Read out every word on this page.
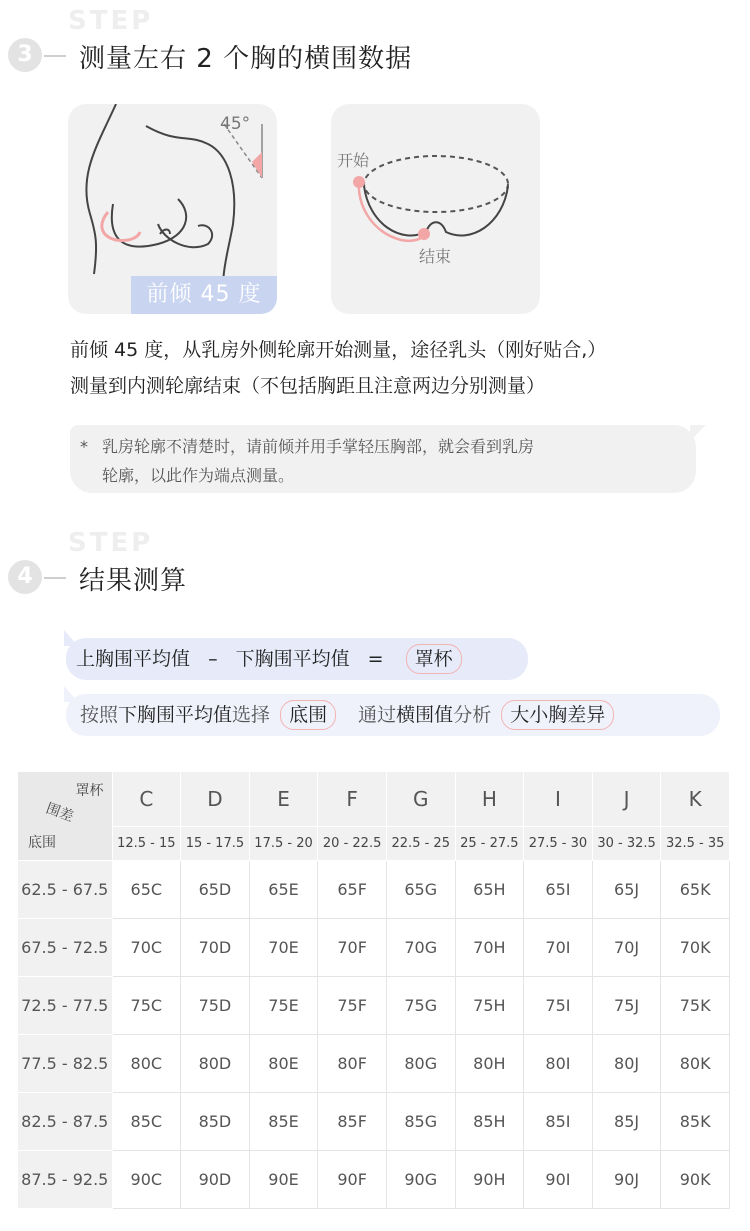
STEP
3	测量左右 2 个胸的横围数据
45°
前倾 45 度
开始
结束
前倾 45 度，从乳房外侧轮廓开始测量，途径乳头（刚好贴合,）
测量到内测轮廓结束（不包括胸距且注意两边分别测量）
* 乳房轮廓不清楚时，请前倾并用手掌轻压胸部，就会看到乳房
轮廓，以此作为端点测量。
STEP
4	结果测算
上胸围平均值 – 下胸围平均值 = 罩杯
按照下胸围平均值选择 底围 通过横围值分析 大小胸差异
罩杯
围差
底围	C	D	E	F	G	H	I	J	K
	12.5 - 15	15 - 17.5	17.5 - 20	20 - 22.5	22.5 - 25	25 - 27.5	27.5 - 30	30 - 32.5	32.5 - 35
62.5 - 67.5	65C	65D	65E	65F	65G	65H	65I	65J	65K
67.5 - 72.5	70C	70D	70E	70F	70G	70H	70I	70J	70K
72.5 - 77.5	75C	75D	75E	75F	75G	75H	75I	75J	75K
77.5 - 82.5	80C	80D	80E	80F	80G	80H	80I	80J	80K
82.5 - 87.5	85C	85D	85E	85F	85G	85H	85I	85J	85K
87.5 - 92.5	90C	90D	90E	90F	90G	90H	90I	90J	90K
